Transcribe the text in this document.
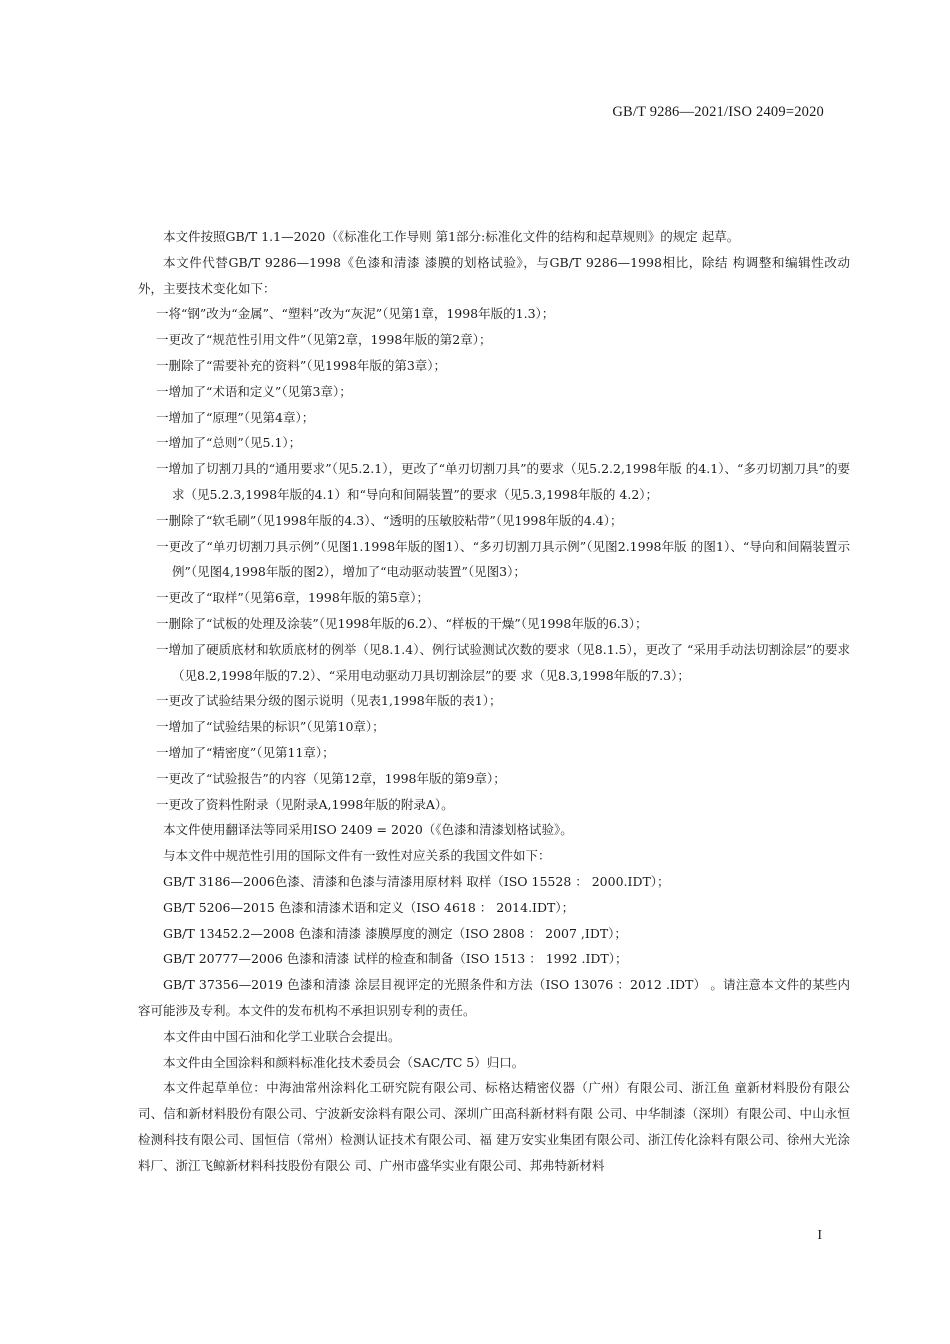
GB/T 9286—2021/ISO 2409=2020

本文件按照GB/T 1.1—2020（《标准化工作导则 第1部分:标准化文件的结构和起草规则》的规定 起草。

本文件代替GB/T 9286—1998《色漆和清漆 漆膜的划格试验》，与GB/T 9286—1998相比，除结 构调整和编辑性改动外，主要技术变化如下：

一将“钢”改为“金属”、“塑料”改为“灰泥”（见第1章，1998年版的1.3）；

一更改了“规范性引用文件”（见第2章，1998年版的第2章）；

一删除了“需要补充的资料”（见1998年版的第3章）；

一增加了“术语和定义”（见第3章）；

一增加了“原理”（见第4章）；

一增加了“总则”（见5.1）；

一增加了切割刀具的“通用要求”（见5.2.1），更改了“单刃切割刀具”的要求（见5.2.2,1998年版 的4.1）、“多刃切割刀具”的要求（见5.2.3,1998年版的4.1）和“导向和间隔装置”的要求（见5.3,1998年版的 4.2）；

一删除了“软毛刷”（见1998年版的4.3）、“透明的压敏胶粘带”（见1998年版的4.4）；

一更改了“单刃切割刀具示例”（见图1.1998年版的图1）、“多刃切割刀具示例”（见图2.1998年版 的图1）、“导向和间隔装置示例”（见图4,1998年版的图2），增加了“电动驱动装置”（见图3）；

一更改了“取样”（见第6章，1998年版的第5章）；

一删除了“试板的处理及涂装”（见1998年版的6.2）、“样板的干燥”（见1998年版的6.3）；

一增加了硬质底材和软质底材的例举（见8.1.4）、例行试验测试次数的要求（见8.1.5），更改了 “采用手动法切割涂层”的要求（见8.2,1998年版的7.2）、“采用电动驱动刀具切割涂层”的要 求（见8.3,1998年版的7.3）；

一更改了试验结果分级的图示说明（见表1,1998年版的表1）；

一增加了“试验结果的标识”（见第10章）；

一增加了“精密度”（见第11章）；

一更改了“试验报告”的内容（见第12章，1998年版的第9章）；

一更改了资料性附录（见附录A,1998年版的附录A）。

本文件使用翻译法等同采用ISO 2409 = 2020（《色漆和清漆划格试验》。

与本文件中规范性引用的国际文件有一致性对应关系的我国文件如下：

GB/T 3186—2006色漆、清漆和色漆与清漆用原材料 取样（ISO 15528 ： 2000.IDT）；

GB/T 5206—2015 色漆和清漆术语和定义（ISO 4618 ： 2014.IDT）；

GB/T 13452.2—2008 色漆和清漆 漆膜厚度的测定（ISO 2808 ： 2007 ,IDT）；

GB/T 20777—2006 色漆和清漆 试样的检查和制备（ISO 1513 ： 1992 .IDT）；

GB/T 37356—2019 色漆和清漆 涂层目视评定的光照条件和方法（ISO 13076 ：2012 .IDT） 。请注意本文件的某些内容可能涉及专利。本文件的发布机构不承担识别专利的责任。

本文件由中国石油和化学工业联合会提出。

本文件由全国涂料和颜料标准化技术委员会（SAC/TC 5）归口。

本文件起草单位：中海油常州涂料化工研究院有限公司、标格达精密仪器（广州）有限公司、浙江鱼 童新材料股份有限公司、信和新材料股份有限公司、宁波新安涂料有限公司、深圳广田高科新材料有限 公司、中华制漆（深圳）有限公司、中山永恒检测科技有限公司、国恒信（常州）检测认证技术有限公司、福 建万安实业集团有限公司、浙江传化涂料有限公司、徐州大光涂料厂、浙江飞鲸新材料科技股份有限公 司、广州市盛华实业有限公司、邦弗特新材料

I
